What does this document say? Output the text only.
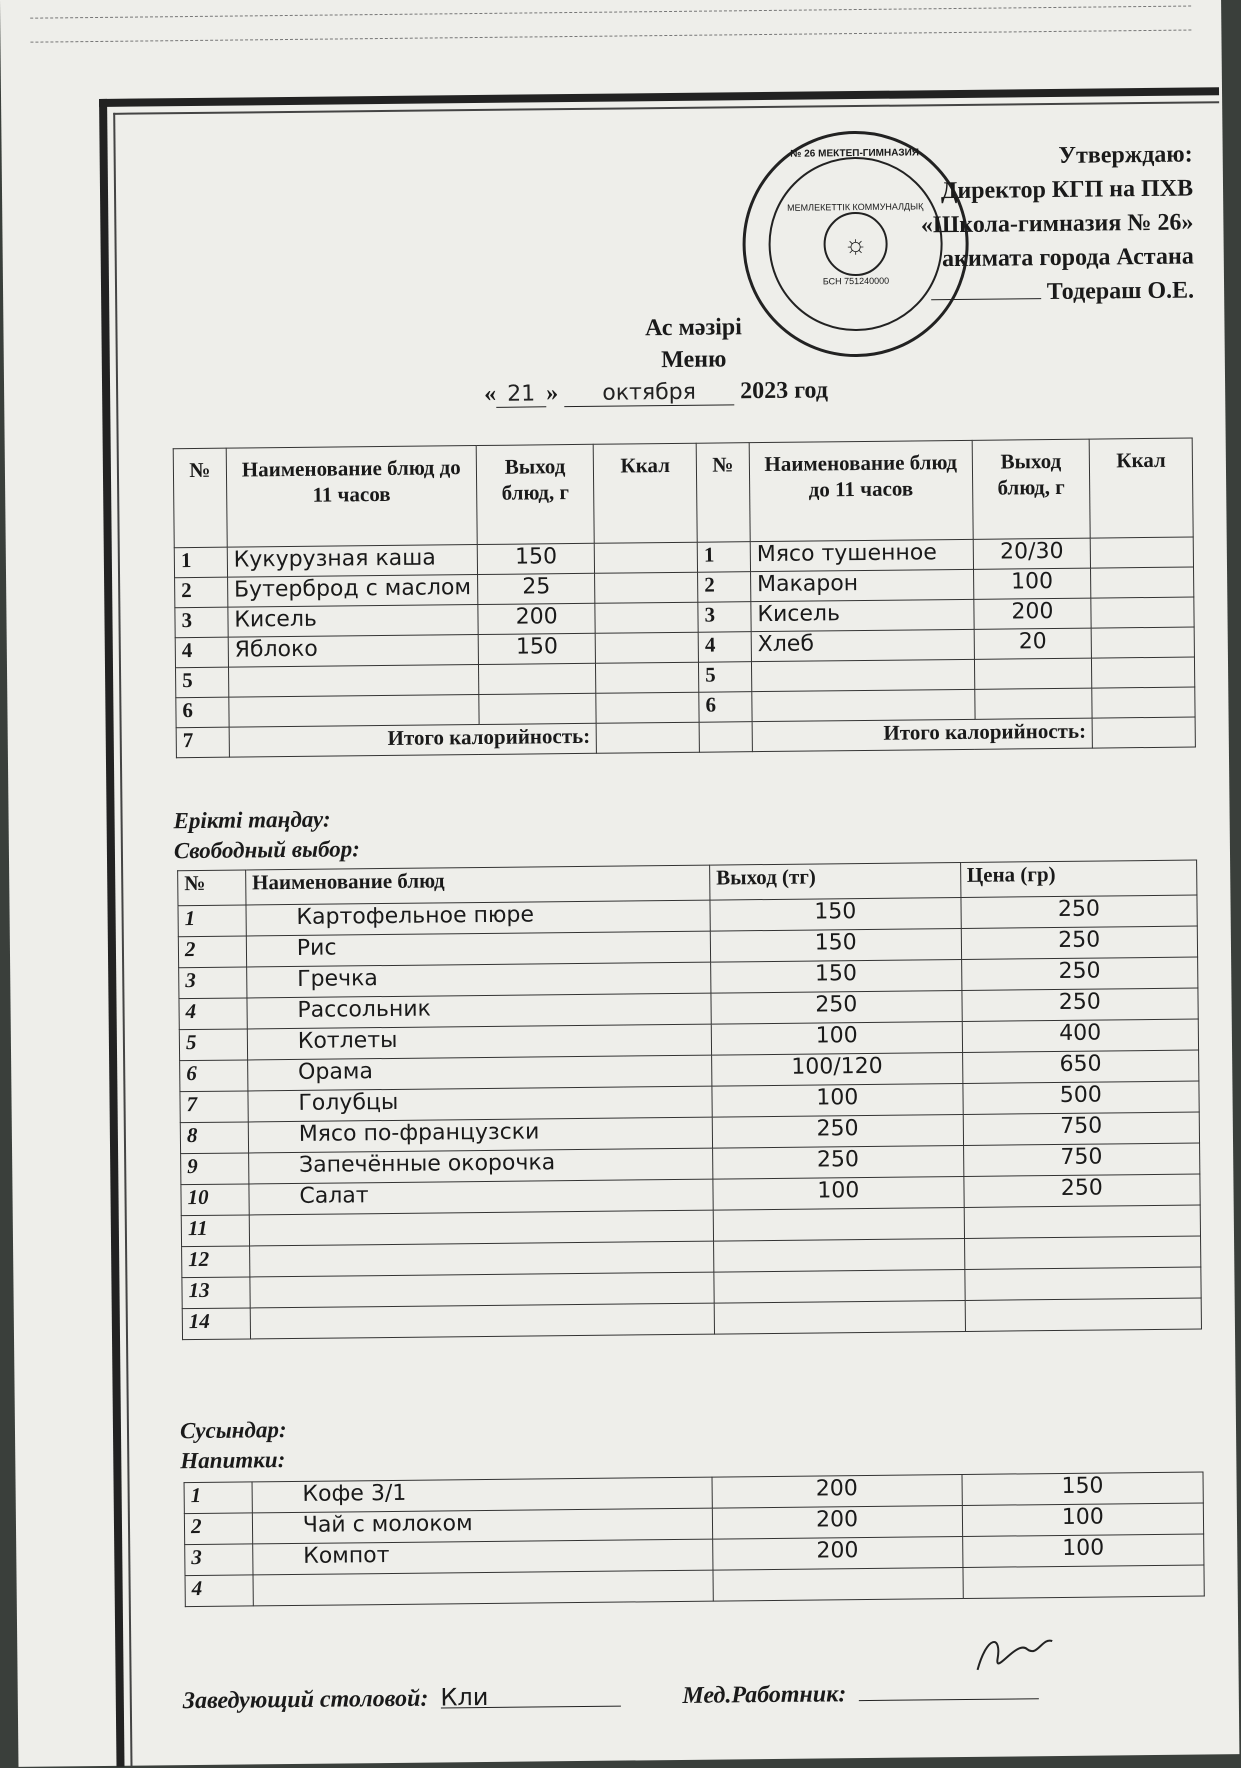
№ 26 МЕКТЕП-ГИМНАЗИЯ
МЕМЛЕКЕТТІК КОММУНАЛДЫҚ
☼
БСН 751240000
Утверждаю:
Директор КГП на ПХВ
«Школа-гимназия № 26»
акимата города Астана
Тодераш О.Е.
Ас мәзірі
Меню
« 21 » октября 2023 год
№	Наименование блюд до 11 часов	Выход блюд, г	Ккал	№	Наименование блюд до 11 часов	Выход блюд, г	Ккал
1	Кукурузная каша	150		1	Мясо тушенное	20/30	
2	Бутерброд с маслом	25		2	Макарон	100	
3	Кисель	200		3	Кисель	200	
4	Яблоко	150		4	Хлеб	20	
5				5			
6				6			
7	Итого калорийность:				Итого калорийность:		
Ерікті таңдау:
Свободный выбор:
№	Наименование блюд	Выход (тг)	Цена (гр)
1	Картофельное пюре	150	250
2	Рис	150	250
3	Гречка	150	250
4	Рассольник	250	250
5	Котлеты	100	400
6	Орама	100/120	650
7	Голубцы	100	500
8	Мясо по-французски	250	750
9	Запечённые окорочка	250	750
10	Салат	100	250
11			
12			
13			
14			
Сусындар:
Напитки:
1	Кофе 3/1	200	150
2	Чай с молоком	200	100
3	Компот	200	100
4			
Заведующий столовой: Кли	Мед.Работник:
